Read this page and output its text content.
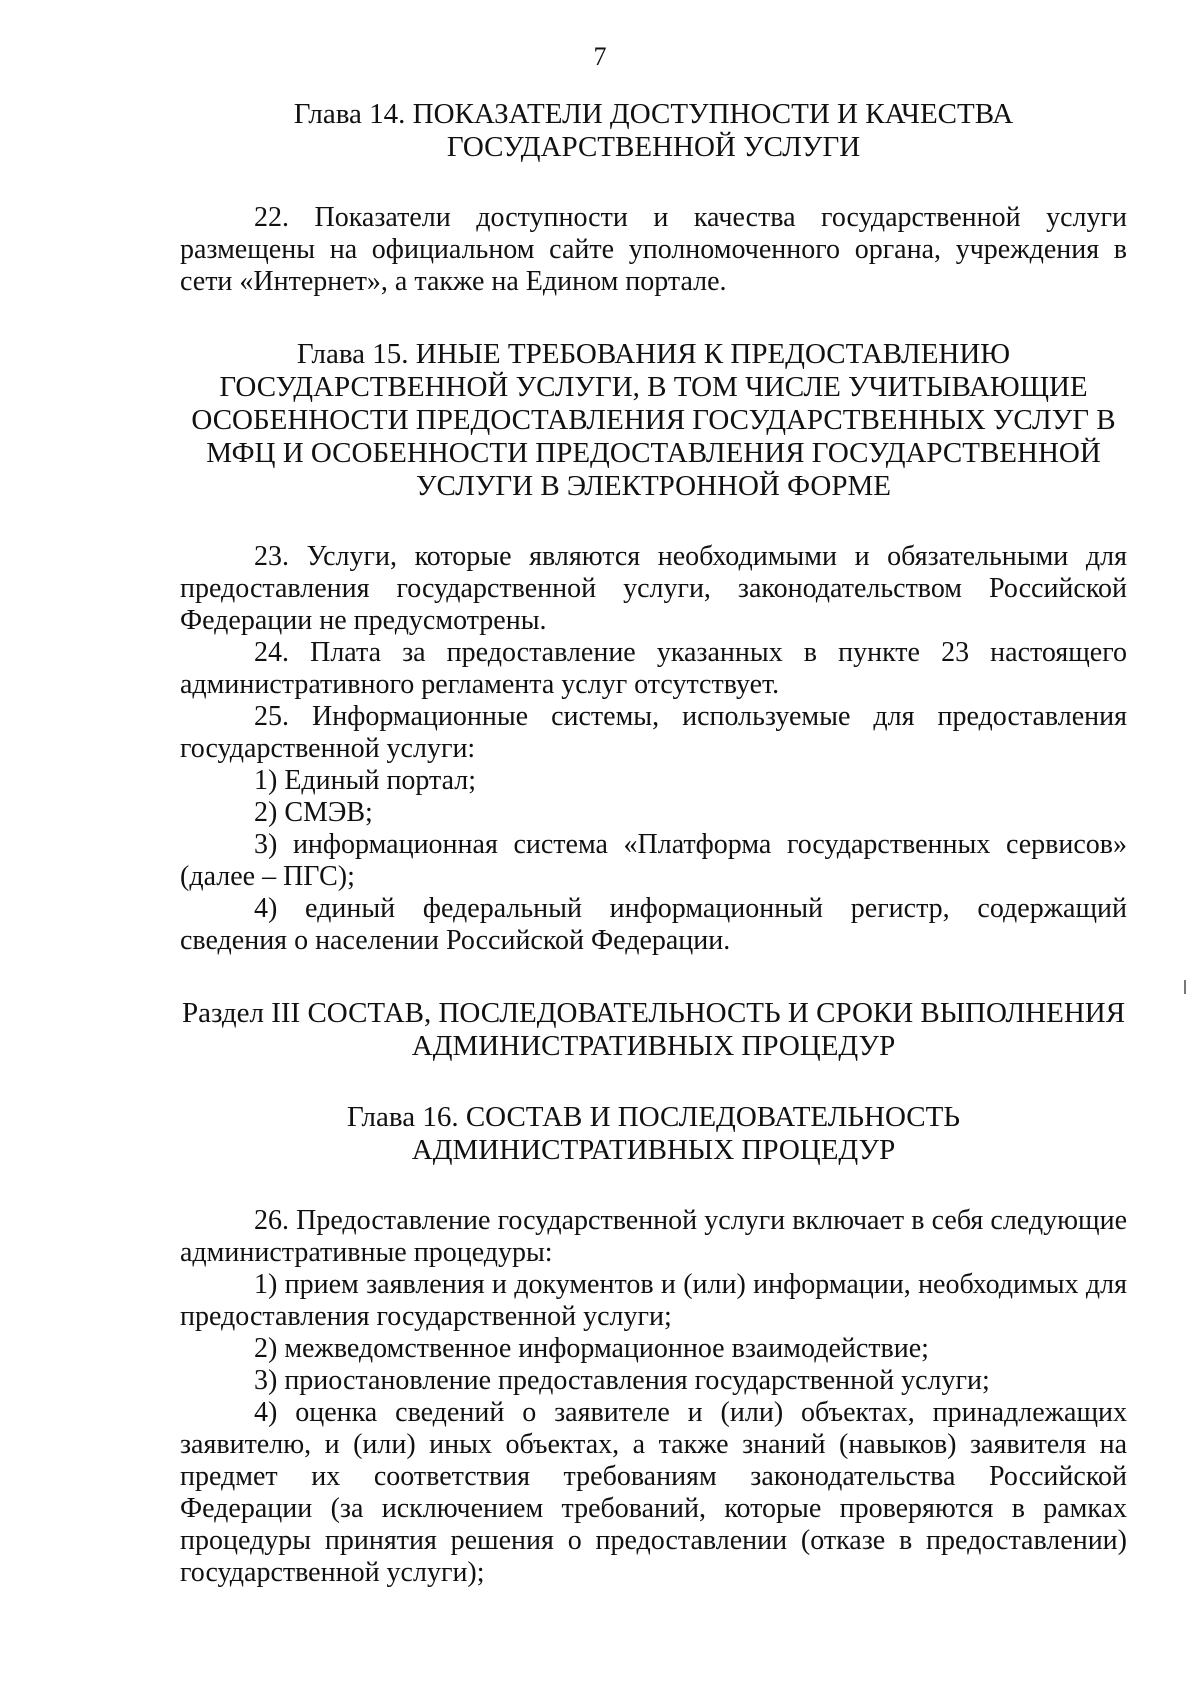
7
Глава 14. ПОКАЗАТЕЛИ ДОСТУПНОСТИ И КАЧЕСТВА
ГОСУДАРСТВЕННОЙ УСЛУГИ

22. Показатели доступности и качества государственной услуги размещены на официальном сайте уполномоченного органа, учреждения в сети «Интернет», а также на Едином портале.

Глава 15. ИНЫЕ ТРЕБОВАНИЯ К ПРЕДОСТАВЛЕНИЮ
ГОСУДАРСТВЕННОЙ УСЛУГИ, В ТОМ ЧИСЛЕ УЧИТЫВАЮЩИЕ
ОСОБЕННОСТИ ПРЕДОСТАВЛЕНИЯ ГОСУДАРСТВЕННЫХ УСЛУГ В
МФЦ И ОСОБЕННОСТИ ПРЕДОСТАВЛЕНИЯ ГОСУДАРСТВЕННОЙ
УСЛУГИ В ЭЛЕКТРОННОЙ ФОРМЕ

23. Услуги, которые являются необходимыми и обязательными для предоставления государственной услуги, законодательством Российской Федерации не предусмотрены.

24. Плата за предоставление указанных в пункте 23 настоящего административного регламента услуг отсутствует.

25. Информационные системы, используемые для предоставления государственной услуги:

1) Единый портал;

2) СМЭВ;

3) информационная система «Платформа государственных сервисов» (далее – ПГС);

4) единый федеральный информационный регистр, содержащий сведения о населении Российской Федерации.

Раздел III СОСТАВ, ПОСЛЕДОВАТЕЛЬНОСТЬ И СРОКИ ВЫПОЛНЕНИЯ
АДМИНИСТРАТИВНЫХ ПРОЦЕДУР
Глава 16. СОСТАВ И ПОСЛЕДОВАТЕЛЬНОСТЬ
АДМИНИСТРАТИВНЫХ ПРОЦЕДУР

26. Предоставление государственной услуги включает в себя следующие административные процедуры:

1) прием заявления и документов и (или) информации, необходимых для предоставления государственной услуги;

2) межведомственное информационное взаимодействие;

3) приостановление предоставления государственной услуги;

4) оценка сведений о заявителе и (или) объектах, принадлежащих заявителю, и (или) иных объектах, а также знаний (навыков) заявителя на предмет их соответствия требованиям законодательства Российской Федерации (за исключением требований, которые проверяются в рамках процедуры принятия решения о предоставлении (отказе в предоставлении) государственной услуги);
